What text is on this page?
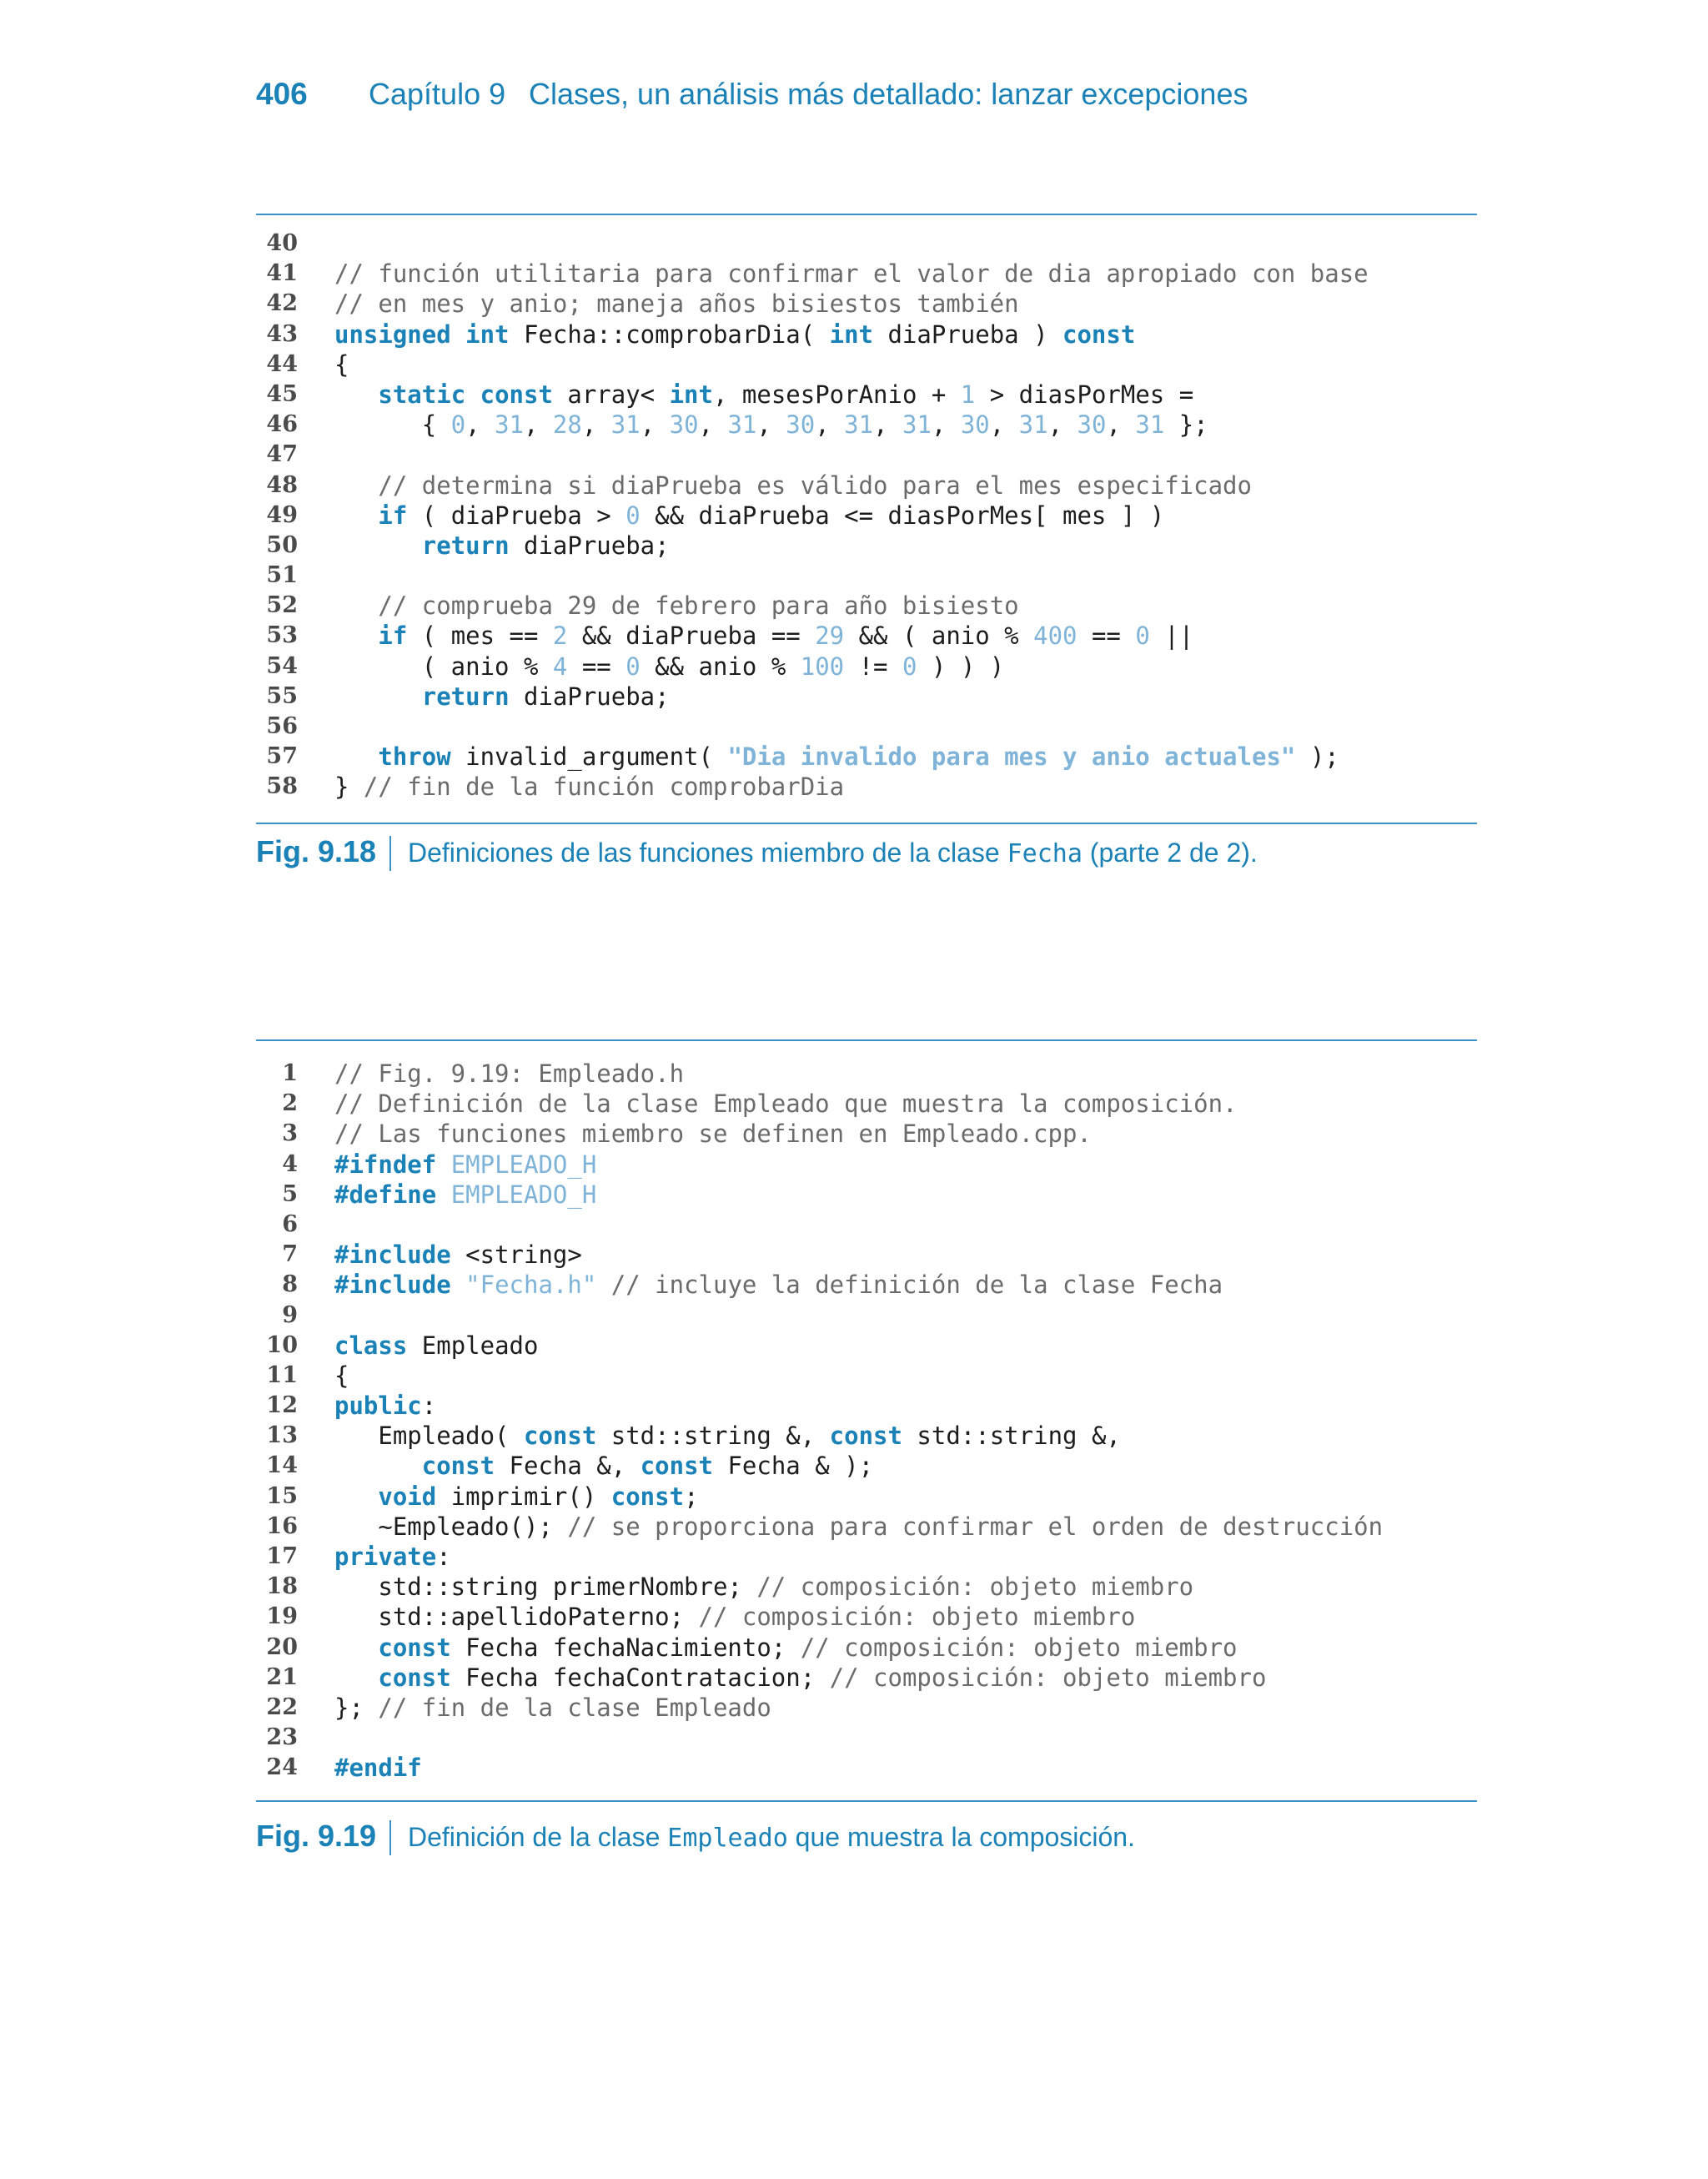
406 Capítulo 9 Clases, un análisis más detallado: lanzar excepciones
40
41 // función utilitaria para confirmar el valor de dia apropiado con base
42 // en mes y anio; maneja años bisiestos también
43 unsigned int Fecha::comprobarDia( int diaPrueba ) const
44 {
45	static const array< int, mesesPorAnio + 1 > diasPorMes =
46 { 0, 31, 28, 31, 30, 31, 30, 31, 31, 30, 31, 30, 31 };
47
48	// determina si diaPrueba es válido para el mes especificado
49	if ( diaPrueba > 0 && diaPrueba <= diasPorMes[ mes ] )
50	return diaPrueba;
51
52	// comprueba 29 de febrero para año bisiesto
53	if ( mes == 2 && diaPrueba == 29 && ( anio % 400 == 0 ||
54 ( anio % 4 == 0 && anio % 100 != 0 ) ) )
55	return diaPrueba;
56
57	throw invalid_argument( "Dia invalido para mes y anio actuales" );
58 } // fin de la función comprobarDia
Fig. 9.18 Definiciones de las funciones miembro de la clase Fecha (parte 2 de 2).
1 // Fig. 9.19: Empleado.h
2 // Definición de la clase Empleado que muestra la composición.
3 // Las funciones miembro se definen en Empleado.cpp.
4 #ifndef EMPLEADO_H
5 #define EMPLEADO_H
6
7 #include <string>
8 #include "Fecha.h" // incluye la definición de la clase Fecha
9
10 class Empleado
11 {
12 public:
13 Empleado( const std::string &, const std::string &,
14	const Fecha &, const Fecha & );
15	void imprimir() const;
16 ~Empleado(); // se proporciona para confirmar el orden de destrucción
17 private:
18 std::string primerNombre; // composición: objeto miembro
19 std::apellidoPaterno; // composición: objeto miembro
20	const Fecha fechaNacimiento; // composición: objeto miembro
21	const Fecha fechaContratacion; // composición: objeto miembro
22 }; // fin de la clase Empleado
23
24 #endif
Fig. 9.19 Definición de la clase Empleado que muestra la composición.
